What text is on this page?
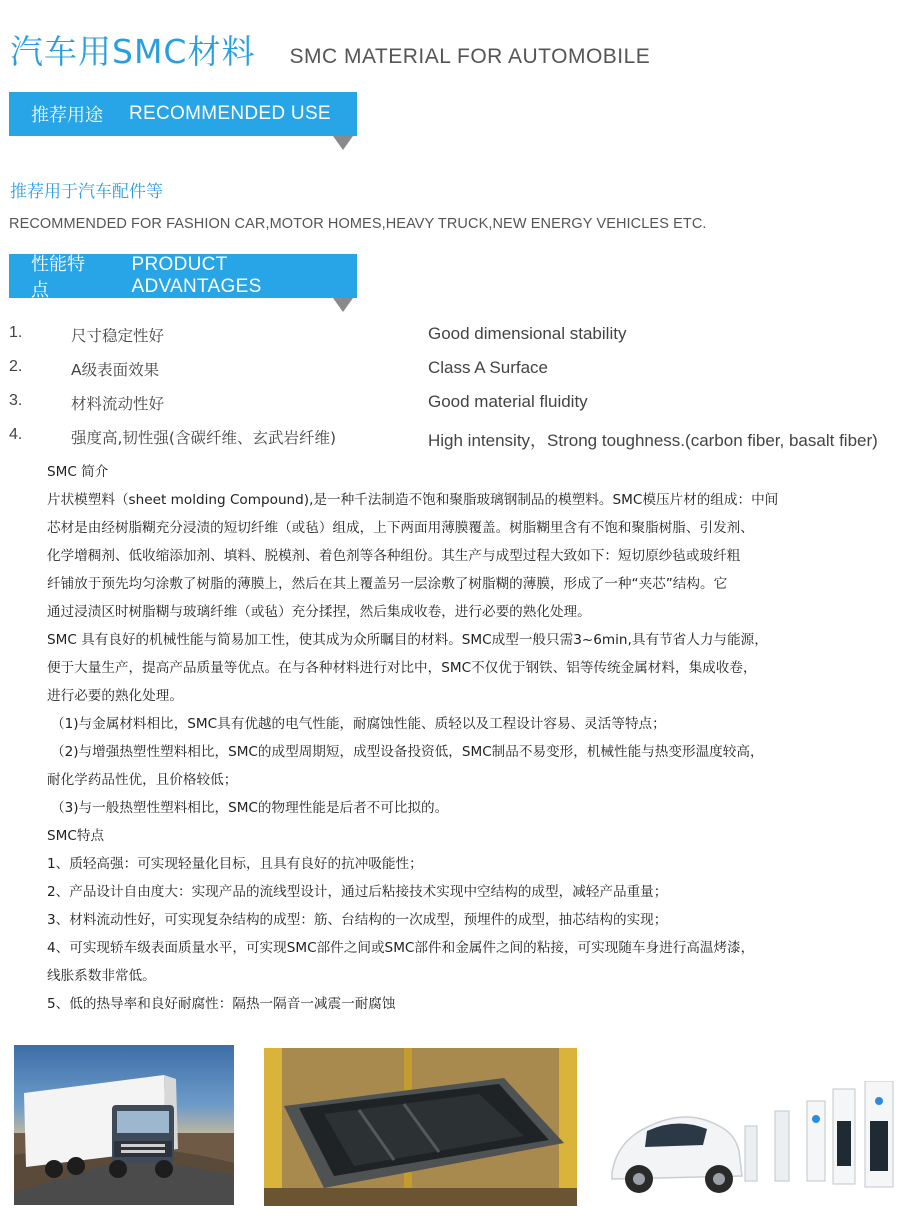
汽车用SMC材料 SMC MATERIAL FOR AUTOMOBILE
推荐用途 RECOMMENDED USE
推荐用于汽车配件等
RECOMMENDED FOR FASHION CAR,MOTOR HOMES,HEAVY TRUCK,NEW ENERGY VEHICLES ETC.
性能特点
PRODUCT ADVANTAGES
1.	尺寸稳定性好	Good dimensional stability
2.	A级表面效果	Class A Surface
3.	材料流动性好	Good material fluidity
4.	强度高,韧性强(含碳纤维、玄武岩纤维)	High intensity，Strong toughness.(carbon fiber, basalt fiber)

SMC 简介

片状模塑料（sheet molding Compound),是一种千法制造不饱和聚脂玻璃钢制品的模塑料。SMC模压片材的组成：中间

芯材是由经树脂糊充分浸渍的短切纤维（或毡）组成，上下两面用薄膜覆盖。树脂糊里含有不饱和聚脂树脂、引发剂、

化学增稠剂、低收缩添加剂、填料、脱模剂、着色剂等各种组份。其生产与成型过程大致如下：短切原纱毡或玻纤粗

纤铺放于预先均匀涂敷了树脂的薄膜上，然后在其上覆盖另一层涂敷了树脂糊的薄膜，形成了一种“夹芯”结构。它

通过浸渍区时树脂糊与玻璃纤维（或毡）充分揉捏，然后集成收卷，进行必要的熟化处理。

SMC 具有良好的机械性能与简易加工性，使其成为众所瞩目的材料。SMC成型一般只需3~6min,具有节省人力与能源，

便于大量生产，提高产品质量等优点。在与各种材料进行对比中，SMC不仅优于钢铁、铝等传统金属材料，集成收卷，

进行必要的熟化处理。

（1)与金属材料相比，SMC具有优越的电气性能，耐腐蚀性能、质轻以及工程设计容易、灵活等特点；

（2)与增强热塑性塑料相比，SMC的成型周期短，成型设备投资低，SMC制品不易变形，机械性能与热变形温度较高，

耐化学药品性优，且价格较低；

（3)与一般热塑性塑料相比，SMC的物理性能是后者不可比拟的。

SMC特点

1、质轻高强：可实现轻量化目标，且具有良好的抗冲吸能性；

2、产品设计自由度大：实现产品的流线型设计，通过后粘接技术实现中空结构的成型，减轻产品重量；

3、材料流动性好，可实现复杂结构的成型：筋、台结构的一次成型，预埋件的成型，抽芯结构的实现；

4、可实现轿车级表面质量水平，可实现SMC部件之间或SMC部件和金属件之间的粘接，可实现随车身进行高温烤漆，

线胀系数非常低。

5、低的热导率和良好耐腐性：隔热一隔音一减震一耐腐蚀
